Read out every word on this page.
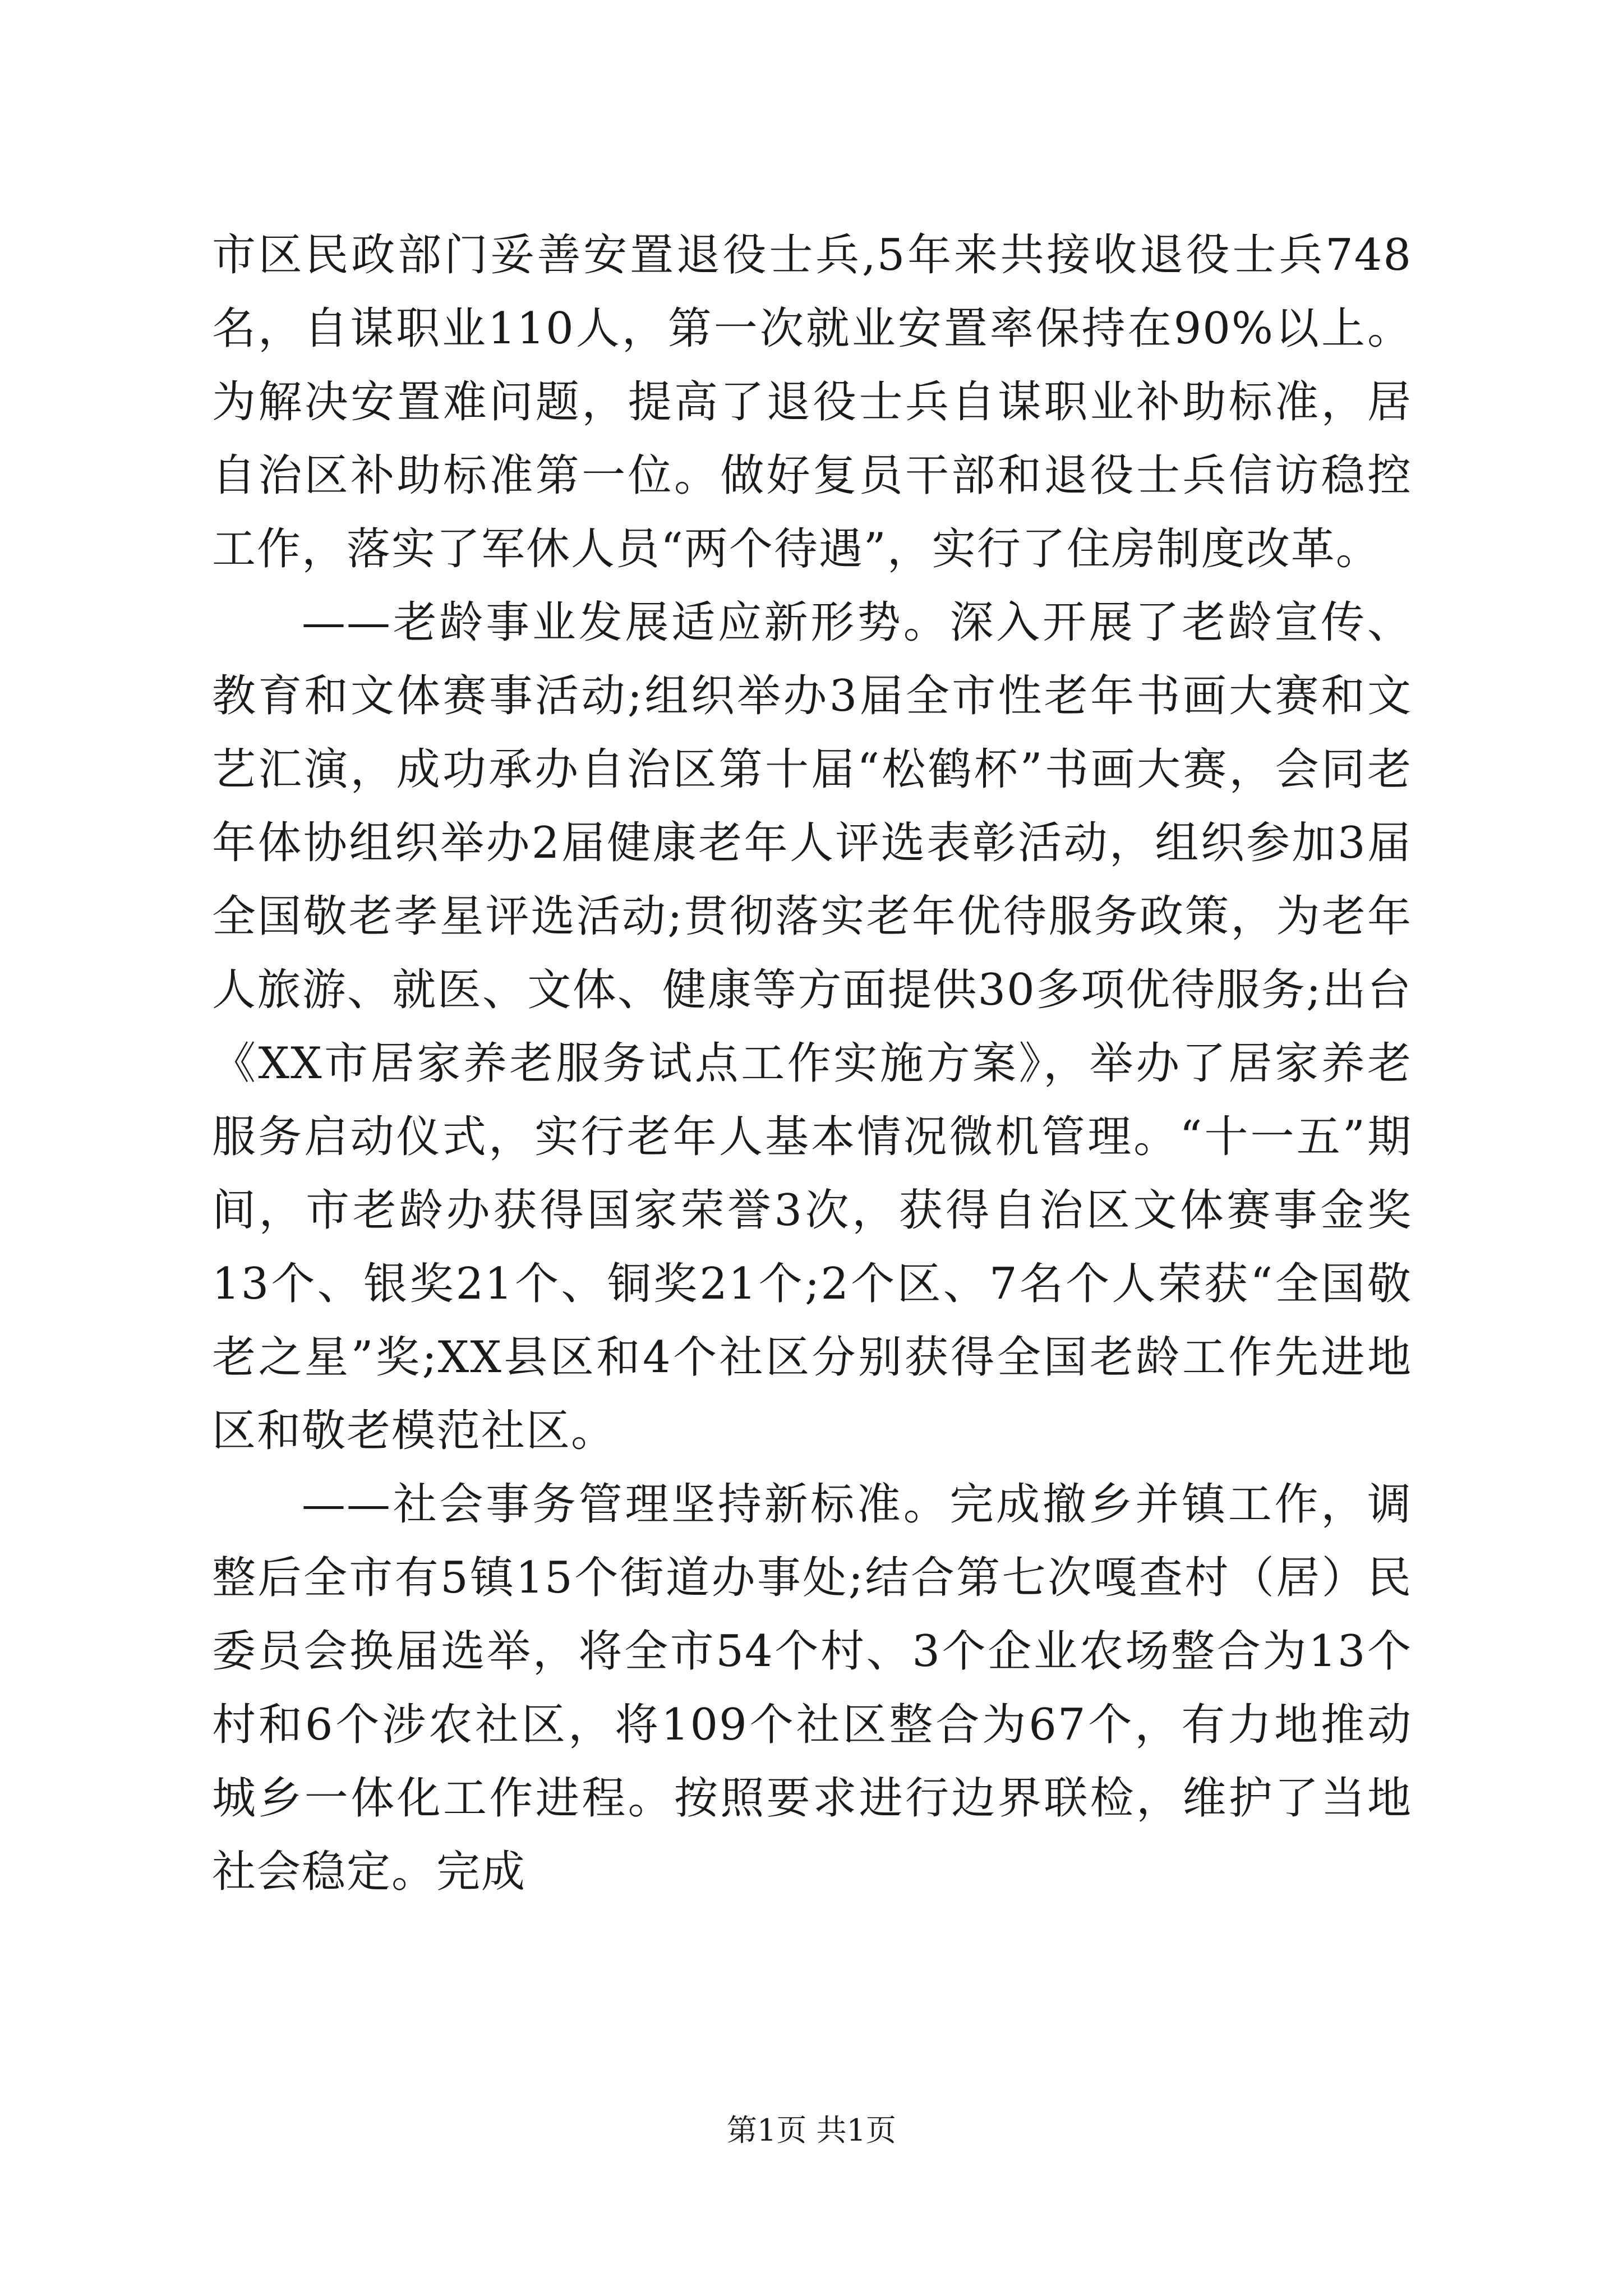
市区民政部门妥善安置退役士兵,5年来共接收退役士兵748名，自谋职业110人，第一次就业安置率保持在90%以上。为解决安置难问题，提高了退役士兵自谋职业补助标准，居自治区补助标准第一位。做好复员干部和退役士兵信访稳控工作，落实了军休人员“两个待遇”，实行了住房制度改革。

——老龄事业发展适应新形势。深入开展了老龄宣传、教育和文体赛事活动;组织举办3届全市性老年书画大赛和文艺汇演，成功承办自治区第十届“松鹤杯”书画大赛，会同老年体协组织举办2届健康老年人评选表彰活动，组织参加3届全国敬老孝星评选活动;贯彻落实老年优待服务政策，为老年人旅游、就医、文体、健康等方面提供30多项优待服务;出台《XX市居家养老服务试点工作实施方案》，举办了居家养老服务启动仪式，实行老年人基本情况微机管理。“十一五”期间，市老龄办获得国家荣誉3次，获得自治区文体赛事金奖13个、银奖21个、铜奖21个;2个区、7名个人荣获“全国敬老之星”奖;XX县区和4个社区分别获得全国老龄工作先进地区和敬老模范社区。

——社会事务管理坚持新标准。完成撤乡并镇工作，调整后全市有5镇15个街道办事处;结合第七次嘎查村（居）民委员会换届选举，将全市54个村、3个企业农场整合为13个村和6个涉农社区，将109个社区整合为67个，有力地推动城乡一体化工作进程。按照要求进行边界联检，维护了当地社会稳定。完成

第1页 共1页
